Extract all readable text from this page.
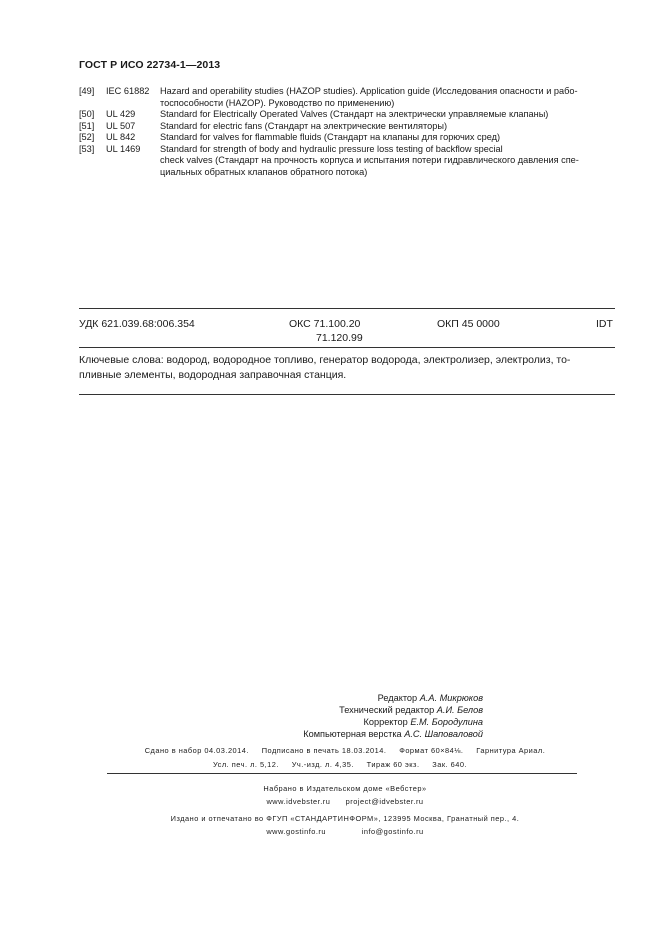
ГОСТ Р ИСО 22734-1—2013
[49] IEC 61882 Hazard and operability studies (HAZOP studies). Application guide (Исследования опасности и рабо-
тоспособности (HAZOP). Руководство по применению)
[50] UL 429	Standard for Electrically Operated Valves (Стандарт на электрически управляемые клапаны)
[51] UL 507	Standard for electric fans (Стандарт на электрические вентиляторы)
[52] UL 842	Standard for valves for flammable fluids (Стандарт на клапаны для горючих сред)
[53] UL 1469 Standard for strength of body and hydraulic pressure loss testing of backflow special
check valves (Стандарт на прочность корпуса и испытания потери гидравлического давления спе-
циальных обратных клапанов обратного потока)
УДК 621.039.68:006.354	ОКС 71.100.20
71.120.99
ОКП 45 0000	IDT
Ключевые слова: водород, водородное топливо, генератор водорода, электролизер, электролиз, то-
пливные элементы, водородная заправочная станция.
Редактор А.А. Микрюков
Технический редактор А.И. Белов
Корректор Е.М. Бородулина
Компьютерная верстка А.С. Шаповаловой
Сдано в набор 04.03.2014.     Подписано в печать 18.03.2014.     Формат 60×84⅛.     Гарнитура Ариал.
Усл. печ. л. 5,12.     Уч.-изд. л. 4,35.     Тираж 60 экз.     Зак. 640.
Набрано в Издательском доме «Вебстер»
www.idvebster.ru      project@idvebster.ru
Издано и отпечатано во ФГУП «СТАНДАРТИНФОРМ», 123995 Москва, Гранатный пер., 4.
www.gostinfo.ru              info@gostinfo.ru
